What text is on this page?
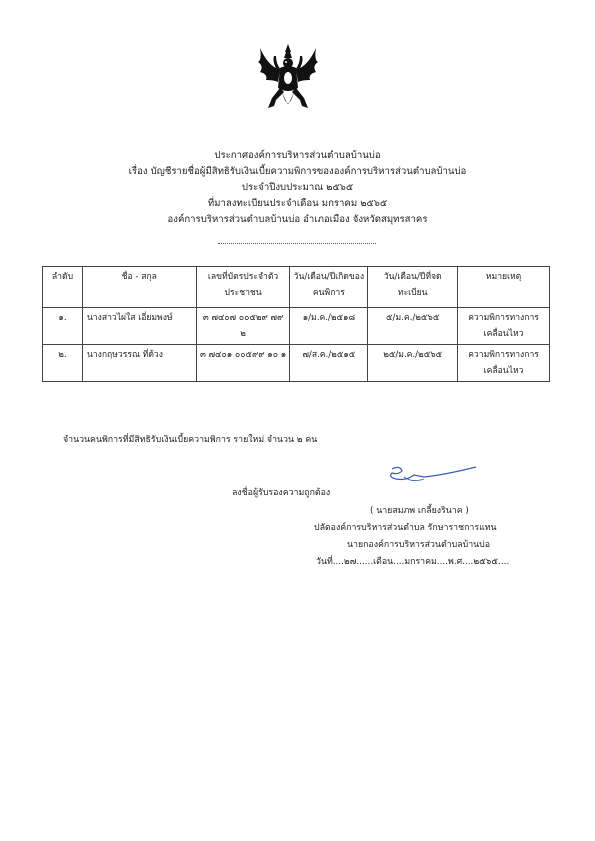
ประกาศองค์การบริหารส่วนตำบลบ้านบ่อ
เรื่อง บัญชีรายชื่อผู้มีสิทธิรับเงินเบี้ยความพิการขององค์การบริหารส่วนตำบลบ้านบ่อ
ประจำปีงบประมาณ ๒๕๖๕
ที่มาลงทะเบียนประจำเดือน มกราคม ๒๕๖๕
องค์การบริหารส่วนตำบลบ้านบ่อ อำเภอเมือง จังหวัดสมุทรสาคร
ลำดับ	ชื่อ - สกุล	เลขที่บัตรประจำตัวประชาชน	วัน/เดือน/ปีเกิดของคนพิการ	วัน/เดือน/ปีที่จดทะเบียน	หมายเหตุ
๑.	นางสาวไผ่ใส เอี่ยมพงษ์	๓ ๗๔๐๗ ๐๐๕๒๙ ๗๙ ๒	๑/ม.ค./๒๕๑๘	๕/ม.ค./๒๕๖๕	ความพิการทางการเคลื่อนไหว
๒.	นางกฤษวรรณ ที่ด้วง	๓ ๗๔๐๑ ๐๐๕๙๙ ๑๐ ๑	๗/ส.ค./๒๕๑๕	๒๕/ม.ค./๒๕๖๕	ความพิการทางการเคลื่อนไหว
จำนวนคนพิการที่มีสิทธิรับเงินเบี้ยความพิการ รายใหม่ จำนวน ๒ คน
ลงชื่อผู้รับรองความถูกต้อง
( นายสมภพ เกลี้ยงรินาค )
ปลัดองค์การบริหารส่วนตำบล รักษาราชการแทน
นายกองค์การบริหารส่วนตำบลบ้านบ่อ
วันที่....๒๗......เดือน....มกราคม....พ.ศ....๒๕๖๕....
